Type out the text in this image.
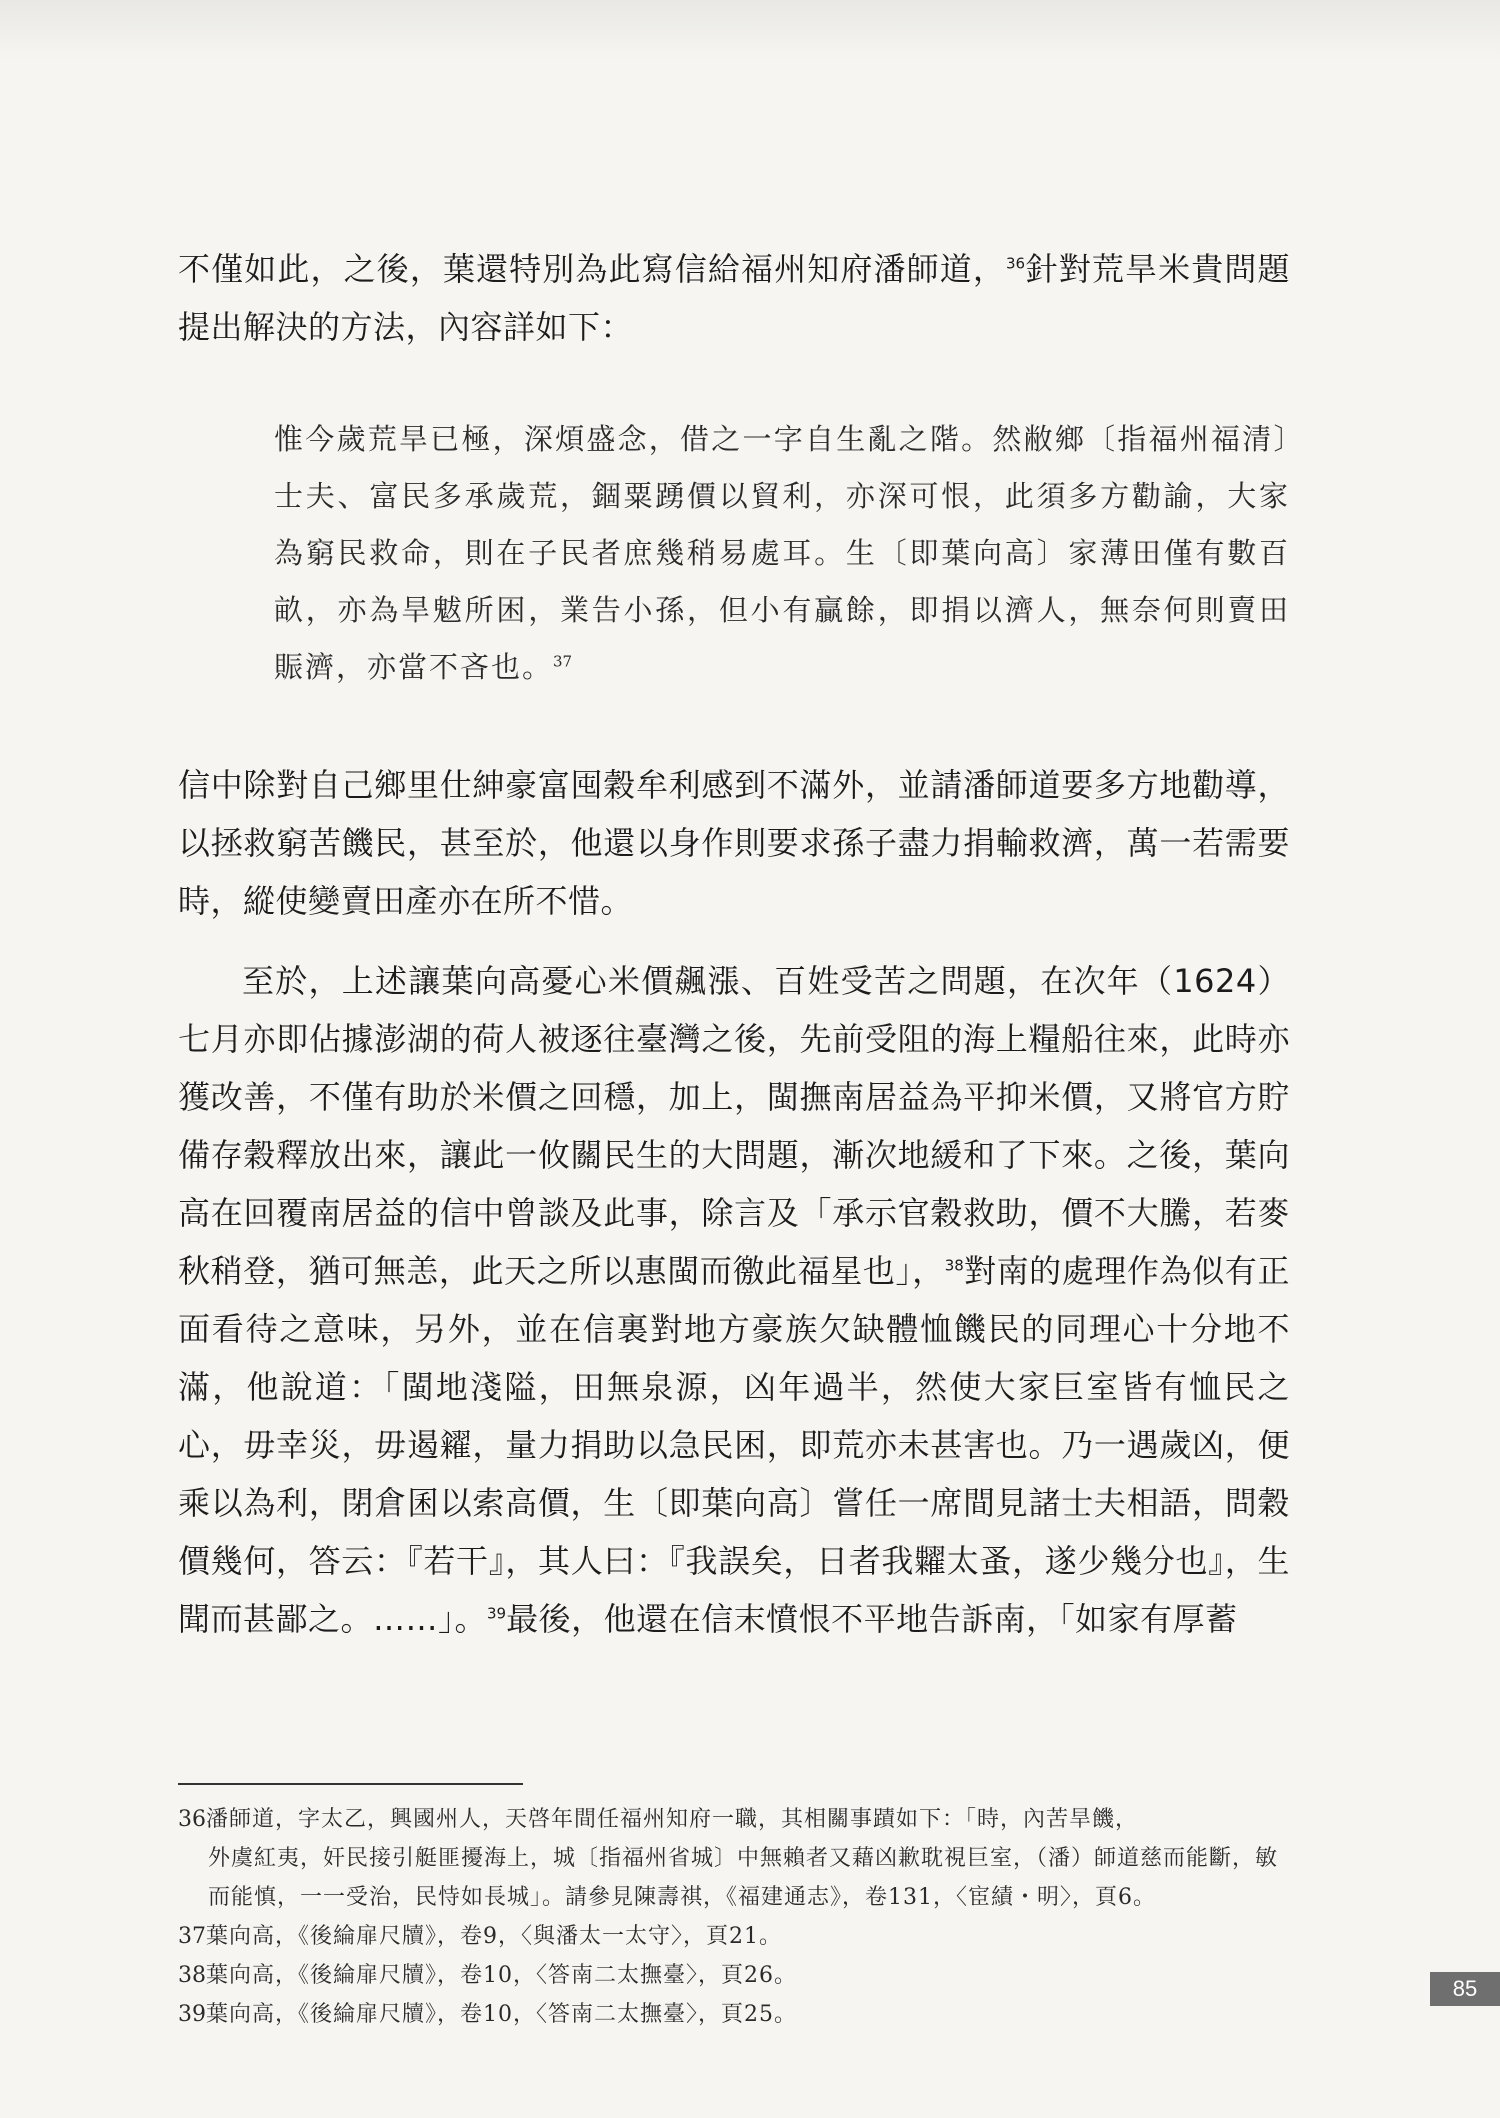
不僅如此，之後，葉還特別為此寫信給福州知府潘師道，$^{36}$針對荒旱米貴問題提出解決的方法，內容詳如下：

惟今歲荒旱已極，深煩盛念，借之一字自生亂之階。然敝鄉〔指福州福清〕士夫、富民多承歲荒，錮粟踴價以貿利，亦深可恨，此須多方勸諭，大家為窮民救命，則在子民者庶幾稍易處耳。生〔即葉向高〕家薄田僅有數百畝，亦為旱魃所困，業告小孫，但小有贏餘，即捐以濟人，無奈何則賣田賑濟，亦當不吝也。$^{37}$

信中除對自己鄉里仕紳豪富囤穀牟利感到不滿外，並請潘師道要多方地勸導，以拯救窮苦饑民，甚至於，他還以身作則要求孫子盡力捐輸救濟，萬一若需要時，縱使變賣田產亦在所不惜。

至於，上述讓葉向高憂心米價飆漲、百姓受苦之問題，在次年（1624）七月亦即佔據澎湖的荷人被逐往臺灣之後，先前受阻的海上糧船往來，此時亦獲改善，不僅有助於米價之回穩，加上，閩撫南居益為平抑米價，又將官方貯備存穀釋放出來，讓此一攸關民生的大問題，漸次地緩和了下來。之後，葉向高在回覆南居益的信中曾談及此事，除言及「承示官穀救助，價不大騰，若麥秋稍登，猶可無恙，此天之所以惠閩而徼此福星也」，$^{38}$對南的處理作為似有正面看待之意味，另外，並在信裏對地方豪族欠缺體恤饑民的同理心十分地不滿，他說道：「閩地淺隘，田無泉源，凶年過半，然使大家巨室皆有恤民之心，毋幸災，毋遏糴，量力捐助以急民困，即荒亦未甚害也。乃一遇歲凶，便乘以為利，閉倉囷以索高價，生〔即葉向高〕嘗任一席間見諸士夫相語，問穀價幾何，答云：『若干』，其人曰：『我誤矣，日者我糶太蚤，遂少幾分也』，生聞而甚鄙之。……」。$^{39}$最後，他還在信末憤恨不平地告訴南，「如家有厚蓄

36潘師道，字太乙，興國州人，天啓年間任福州知府一職，其相關事蹟如下：「時，內苦旱饑，
外虞紅夷，奸民接引艇匪擾海上，城〔指福州省城〕中無賴者又藉凶歉耽視巨室，（潘）師道慈而能斷，敏而能慎，一一受治，民恃如長城」。請參見陳壽祺，《福建通志》，卷131，〈宦績・明〉，頁6。

37葉向高，《後綸扉尺牘》，卷9，〈與潘太一太守〉，頁21。

38葉向高，《後綸扉尺牘》，卷10，〈答南二太撫臺〉，頁26。

39葉向高，《後綸扉尺牘》，卷10，〈答南二太撫臺〉，頁25。

85
